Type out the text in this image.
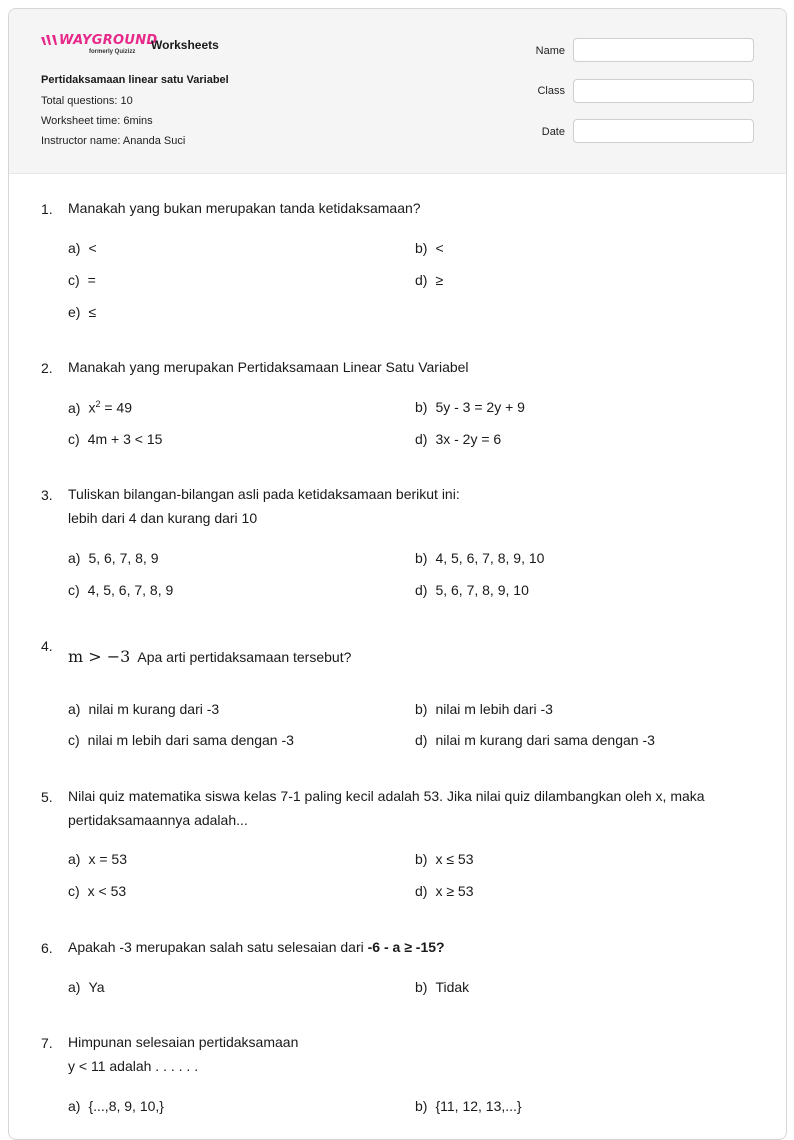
WAYGROUND
formerly Quizizz Worksheets
Pertidaksamaan linear satu Variabel
Total questions: 10
Worksheet time: 6mins
Instructor name: Ananda Suci
Name
Class
Date
1. Manakah yang bukan merupakan tanda ketidaksamaan?
a) <	b) <
c) =	d) ≥
e) ≤
2. Manakah yang merupakan Pertidaksamaan Linear Satu Variabel
a) $x^2 = 49$	b) 5y - 3 = 2y + 9
c) 4m + 3 < 15	d) 3x - 2y = 6
3. Tuliskan bilangan-bilangan asli pada ketidaksamaan berikut ini:
lebih dari 4 dan kurang dari 10
a) 5, 6, 7, 8, 9	b) 4, 5, 6, 7, 8, 9, 10
c) 4, 5, 6, 7, 8, 9	d) 5, 6, 7, 8, 9, 10
4.
m > −3 Apa arti pertidaksamaan tersebut?
a) nilai m kurang dari -3	b) nilai m lebih dari -3
c) nilai m lebih dari sama dengan -3	d) nilai m kurang dari sama dengan -3
5. Nilai quiz matematika siswa kelas 7-1 paling kecil adalah 53. Jika nilai quiz dilambangkan oleh x, maka
pertidaksamaannya adalah...
a) x = 53	b) x ≤ 53
c) x < 53	d) x ≥ 53
6. Apakah -3 merupakan salah satu selesaian dari -6 - a ≥ -15?
a) Ya	b) Tidak
7. Himpunan selesaian pertidaksamaan
y < 11 adalah . . . . . .
a) {...,8, 9, 10,}	b) {11, 12, 13,...}
